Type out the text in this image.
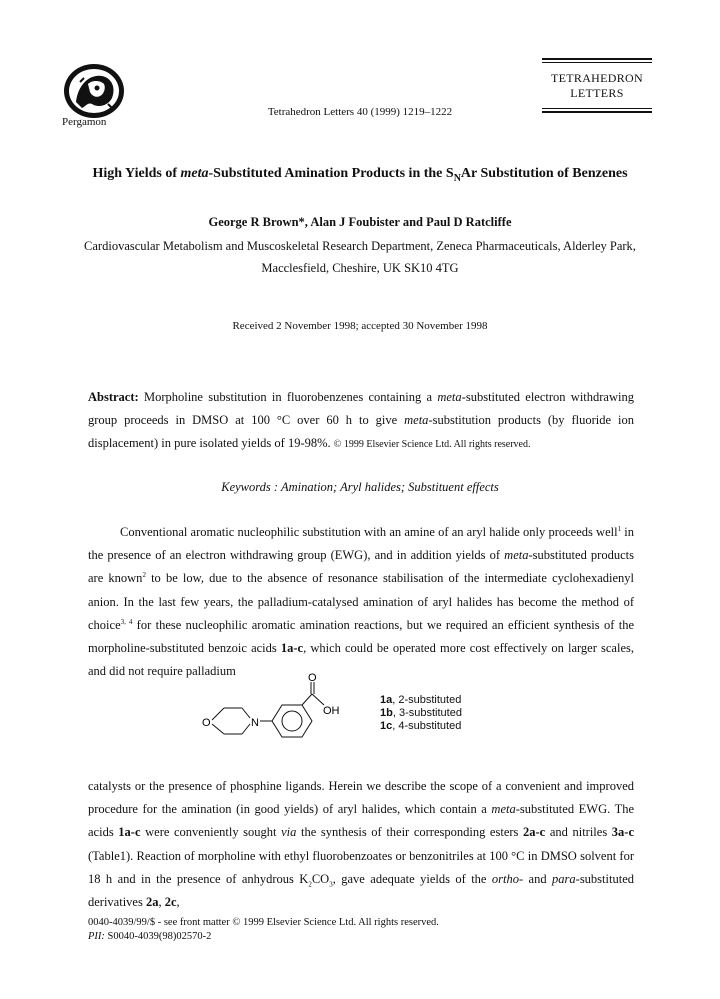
Pergamon
Tetrahedron Letters 40 (1999) 1219–1222
TETRAHEDRON
LETTERS
High Yields of meta-Substituted Amination Products in the $S_NAr$ Substitution of Benzenes
George R Brown*, Alan J Foubister and Paul D Ratcliffe
Cardiovascular Metabolism and Muscoskeletal Research Department, Zeneca Pharmaceuticals, Alderley Park,
Macclesfield, Cheshire, UK SK10 4TG
Received 2 November 1998; accepted 30 November 1998
Abstract: Morpholine substitution in fluorobenzenes containing a meta-substituted electron withdrawing group proceeds in DMSO at 100 °C over 60 h to give meta-substitution products (by fluoride ion displacement) in pure isolated yields of 19-98%. © 1999 Elsevier Science Ltd. All rights reserved.
Keywords : Amination; Aryl halides; Substituent effects
Conventional aromatic nucleophilic substitution with an amine of an aryl halide only proceeds well$^1$ in the presence of an electron withdrawing group (EWG), and in addition yields of meta-substituted products are known$^2$ to be low, due to the absence of resonance stabilisation of the intermediate cyclohexadienyl anion. In the last few years, the palladium-catalysed amination of aryl halides has become the method of choice$^{3, 4}$ for these nucleophilic aromatic amination reactions, but we required an efficient synthesis of the morpholine-substituted benzoic acids 1a-c, which could be operated more cost effectively on larger scales, and did not require palladium	O
OH
O	N
1a, 2-substituted
1b, 3-substituted
1c, 4-substituted
catalysts or the presence of phosphine ligands. Herein we describe the scope of a convenient and improved procedure for the amination (in good yields) of aryl halides, which contain a meta-substituted EWG. The acids 1a-c were conveniently sought via the synthesis of their corresponding esters 2a-c and nitriles 3a-c (Table1). Reaction of morpholine with ethyl fluorobenzoates or benzonitriles at 100 °C in DMSO solvent for 18 h and in the presence of anhydrous $K_2CO_3$, gave adequate yields of the ortho- and para-substituted derivatives 2a, 2c,
0040-4039/99/$ - see front matter © 1999 Elsevier Science Ltd. All rights reserved.
PII: S0040-4039(98)02570-2
